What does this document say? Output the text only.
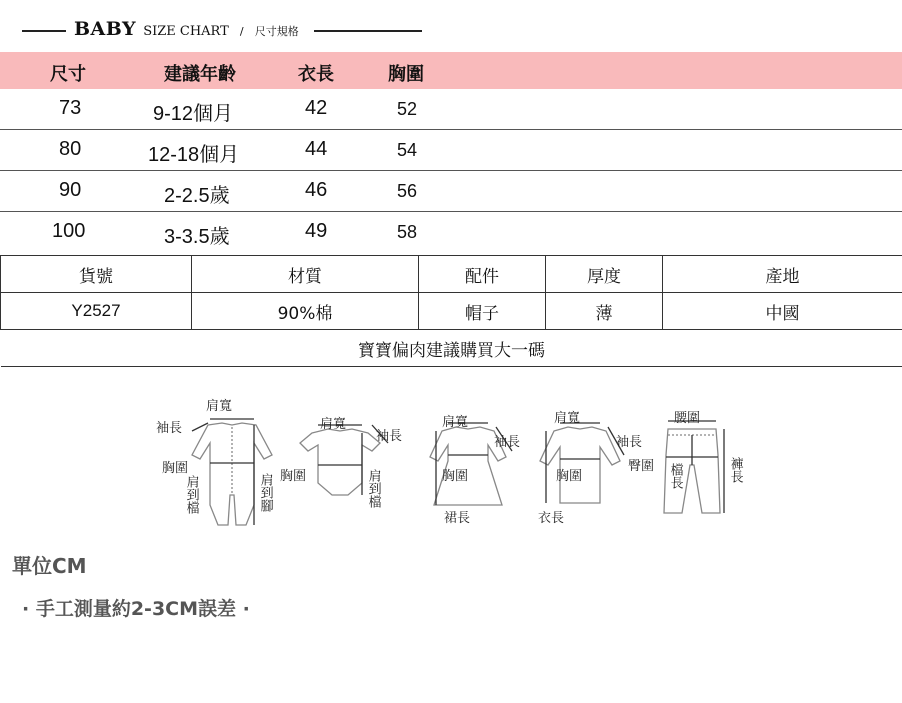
BABY SIZE CHART / 尺寸規格
尺寸	建議年齡	衣長	胸圍
73	9-12個月	42	52
80	12-18個月	44	54
90	2-2.5歲	46	56
100	3-3.5歲	49	58
貨號	材質	配件	厚度	產地
Y2527	90%棉	帽子	薄	中國
寶寶偏肉建議購買大一碼				
肩寬
袖長
胸圍
肩到檔	肩到腳
肩寬
袖長
胸圍	肩到檔
肩寬
袖長
胸圍
裙長
肩寬
袖長
胸圍
衣長
腰圍
臀圍 檔長	褲長
單位CM
· 手工測量約2-3CM誤差 ·
